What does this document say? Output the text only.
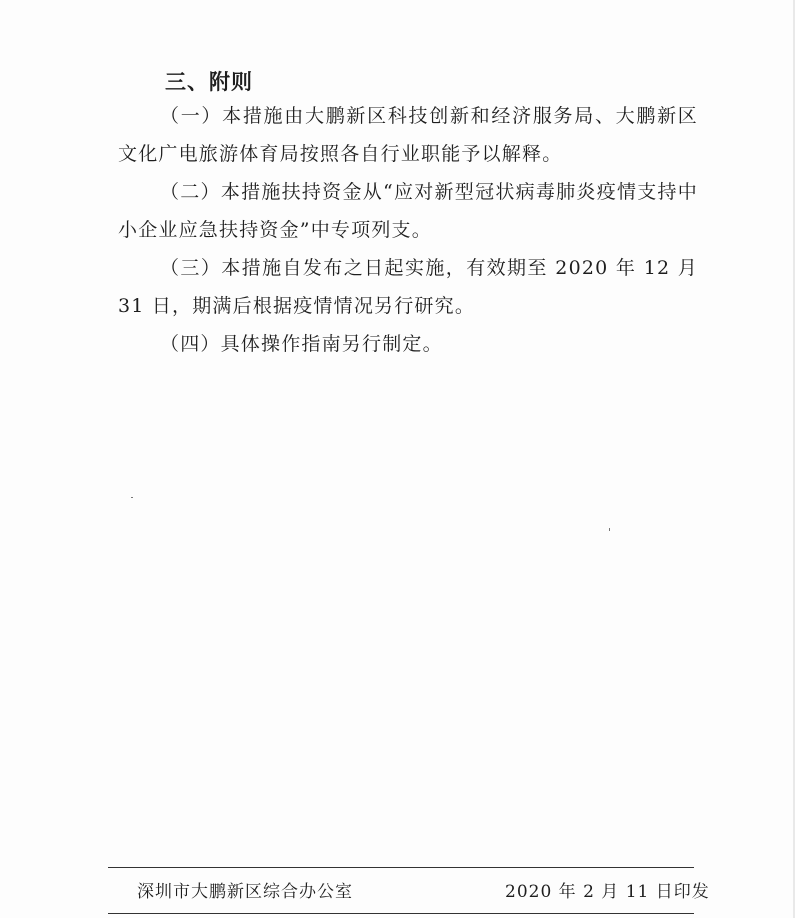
三、附则
（一）本措施由大鹏新区科技创新和经济服务局、大鹏新区文化广电旅游体育局按照各自行业职能予以解释。
（二）本措施扶持资金从“应对新型冠状病毒肺炎疫情支持中小企业应急扶持资金”中专项列支。
（三）本措施自发布之日起实施，有效期至 2020 年 12 月 31 日，期满后根据疫情情况另行研究。
（四）具体操作指南另行制定。
深圳市大鹏新区综合办公室	2020 年 2 月 11 日印发
